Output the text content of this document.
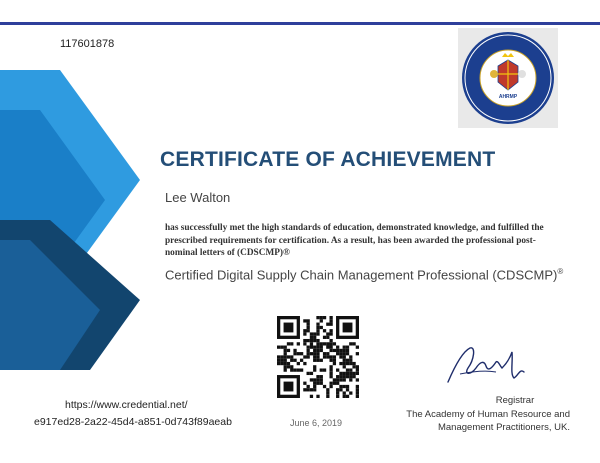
117601878
AHRMP
CERTIFICATE OF ACHIEVEMENT
Lee Walton
has successfully met the high standards of education, demonstrated knowledge, and fulfilled the prescribed requirements for certification. As a result, has been awarded the professional post-nominal letters of (CDSCMP)®
Certified Digital Supply Chain Management Professional (CDSCMP)®
Registrar
The Academy of Human Resource and
Management Practitioners, UK.
June 6, 2019
https://www.credential.net/
e917ed28-2a22-45d4-a851-0d743f89aeab
